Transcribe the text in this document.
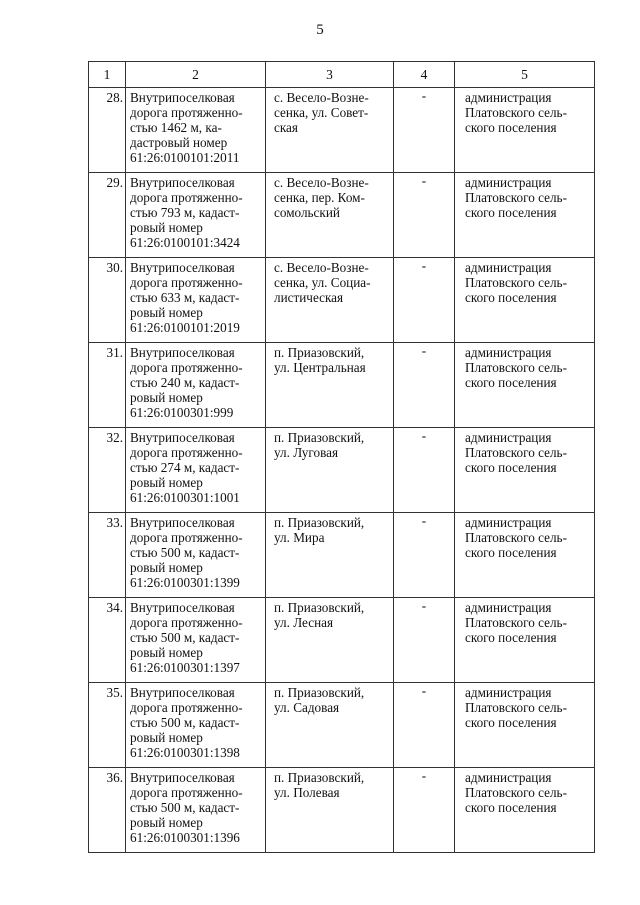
5
1	2	3	4	5
28.	Внутрипоселковая
дорога протяженно-
стью 1462 м, ка-
дастровый номер
61:26:0100101:2011	с. Весело-Возне-
сенка, ул. Совет-
ская	-	администрация
Платовского сель-
ского поселения

29.	Внутрипоселковая
дорога протяженно-
стью 793 м, кадаст-
ровый номер
61:26:0100101:3424	с. Весело-Возне-
сенка, пер. Ком-
сомольский	-	администрация
Платовского сель-
ского поселения

30.	Внутрипоселковая
дорога протяженно-
стью 633 м, кадаст-
ровый номер
61:26:0100101:2019	с. Весело-Возне-
сенка, ул. Социа-
листическая	-	администрация
Платовского сель-
ского поселения

31.	Внутрипоселковая
дорога протяженно-
стью 240 м, кадаст-
ровый номер
61:26:0100301:999	п. Приазовский,
ул. Центральная	-	администрация
Платовского сель-
ского поселения

32.	Внутрипоселковая
дорога протяженно-
стью 274 м, кадаст-
ровый номер
61:26:0100301:1001	п. Приазовский,
ул. Луговая	-	администрация
Платовского сель-
ского поселения

33.	Внутрипоселковая
дорога протяженно-
стью 500 м, кадаст-
ровый номер
61:26:0100301:1399	п. Приазовский,
ул. Мира	-	администрация
Платовского сель-
ского поселения

34.	Внутрипоселковая
дорога протяженно-
стью 500 м, кадаст-
ровый номер
61:26:0100301:1397	п. Приазовский,
ул. Лесная	-	администрация
Платовского сель-
ского поселения

35.	Внутрипоселковая
дорога протяженно-
стью 500 м, кадаст-
ровый номер
61:26:0100301:1398	п. Приазовский,
ул. Садовая	-	администрация
Платовского сель-
ского поселения

36.	Внутрипоселковая
дорога протяженно-
стью 500 м, кадаст-
ровый номер
61:26:0100301:1396	п. Приазовский,
ул. Полевая	-	администрация
Платовского сель-
ского поселения
